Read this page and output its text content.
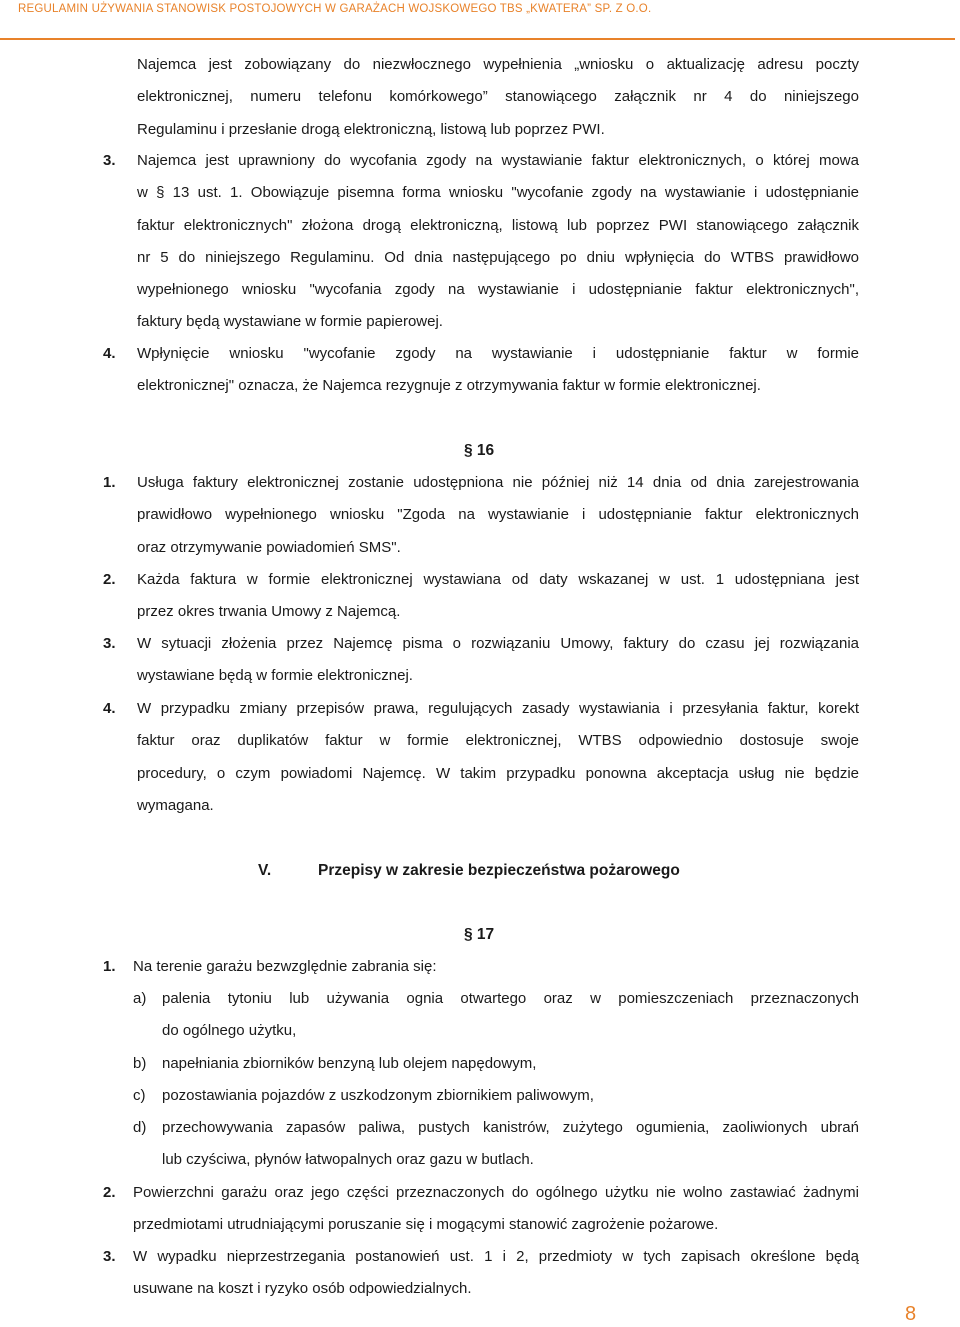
REGULAMIN UŻYWANIA STANOWISK POSTOJOWYCH W GARAŻACH WOJSKOWEGO TBS „KWATERA” SP. Z O.O.
Najemca jest zobowiązany do niezwłocznego wypełnienia „wniosku o aktualizację adresu poczty
elektronicznej, numeru telefonu komórkowego” stanowiącego załącznik nr 4 do niniejszego
Regulaminu i przesłanie drogą elektroniczną, listową lub poprzez PWI.
3. Najemca jest uprawniony do wycofania zgody na wystawianie faktur elektronicznych, o której mowa
w § 13 ust. 1. Obowiązuje pisemna forma wniosku "wycofanie zgody na wystawianie i udostępnianie
faktur elektronicznych" złożona drogą elektroniczną, listową lub poprzez PWI stanowiącego załącznik
nr 5 do niniejszego Regulaminu. Od dnia następującego po dniu wpłynięcia do WTBS prawidłowo
wypełnionego wniosku "wycofania zgody na wystawianie i udostępnianie faktur elektronicznych",
faktury będą wystawiane w formie papierowej.
4. Wpłynięcie wniosku "wycofanie zgody na wystawianie i udostępnianie faktur w formie
elektronicznej" oznacza, że Najemca rezygnuje z otrzymywania faktur w formie elektronicznej.
§ 16
1. Usługa faktury elektronicznej zostanie udostępniona nie później niż 14 dnia od dnia zarejestrowania
prawidłowo wypełnionego wniosku "Zgoda na wystawianie i udostępnianie faktur elektronicznych
oraz otrzymywanie powiadomień SMS".
2. Każda faktura w formie elektronicznej wystawiana od daty wskazanej w ust. 1 udostępniana jest
przez okres trwania Umowy z Najemcą.
3. W sytuacji złożenia przez Najemcę pisma o rozwiązaniu Umowy, faktury do czasu jej rozwiązania
wystawiane będą w formie elektronicznej.
4. W przypadku zmiany przepisów prawa, regulujących zasady wystawiania i przesyłania faktur, korekt
faktur oraz duplikatów faktur w formie elektronicznej, WTBS odpowiednio dostosuje swoje
procedury, o czym powiadomi Najemcę. W takim przypadku ponowna akceptacja usług nie będzie
wymagana.
V.	Przepisy w zakresie bezpieczeństwa pożarowego
§ 17
1. Na terenie garażu bezwzględnie zabrania się:
a) palenia tytoniu lub używania ognia otwartego oraz w pomieszczeniach przeznaczonych
do ogólnego użytku,
b) napełniania zbiorników benzyną lub olejem napędowym,
c) pozostawiania pojazdów z uszkodzonym zbiornikiem paliwowym,
d) przechowywania zapasów paliwa, pustych kanistrów, zużytego ogumienia, zaoliwionych ubrań
lub czyściwa, płynów łatwopalnych oraz gazu w butlach.
2. Powierzchni garażu oraz jego części przeznaczonych do ogólnego użytku nie wolno zastawiać żadnymi
przedmiotami utrudniającymi poruszanie się i mogącymi stanowić zagrożenie pożarowe.
3. W wypadku nieprzestrzegania postanowień ust. 1 i 2, przedmioty w tych zapisach określone będą
usuwane na koszt i ryzyko osób odpowiedzialnych.
8
